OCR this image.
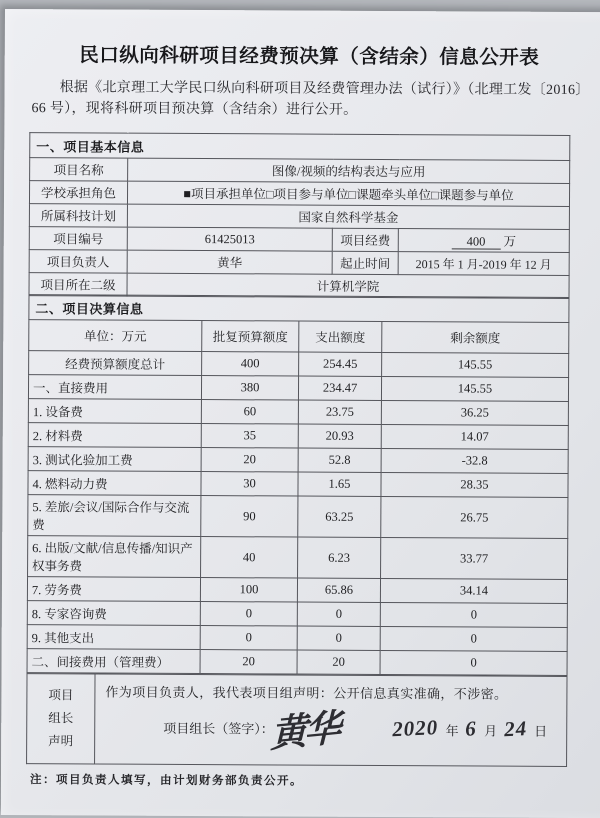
民口纵向科研项目经费预决算（含结余）信息公开表

根据《北京理工大学民口纵向科研项目及经费管理办法（试行）》（北理工发〔2016〕66 号），现将科研项目预决算（含结余）进行公开。

一、项目基本信息			
项目名称	图像/视频的结构表达与应用		
学校承担角色	■项目承担单位□项目参与单位□课题牵头单位□课题参与单位		
所属科技计划	国家自然科学基金		
项目编号	61425013	项目经费	400 万
项目负责人	黄华	起止时间	2015 年 1 月-2019 年 12 月
项目所在二级	计算机学院		
二、项目决算信息			
单位：万元	批复预算额度	支出额度	剩余额度
经费预算额度总计	400	254.45	145.55
一、直接费用	380	234.47	145.55
1. 设备费	60	23.75	36.25
2. 材料费	35	20.93	14.07
3. 测试化验加工费	20	52.8	-32.8
4. 燃料动力费	30	1.65	28.35
5. 差旅/会议/国际合作与交流费	90	63.25	26.75
6. 出版/文献/信息传播/知识产权事务费	40	6.23	33.77
7. 劳务费	100	65.86	34.14
8. 专家咨询费	0	0	0
9. 其他支出	0	0	0
二、间接费用（管理费）	20	20	0
项目组长声明

作为项目负责人，我代表项目组声明：公开信息真实准确，不涉密。
项目组长（签字）：
黄华	2020 年 6 月 24 日

注：项目负责人填写，由计划财务部负责公开。
